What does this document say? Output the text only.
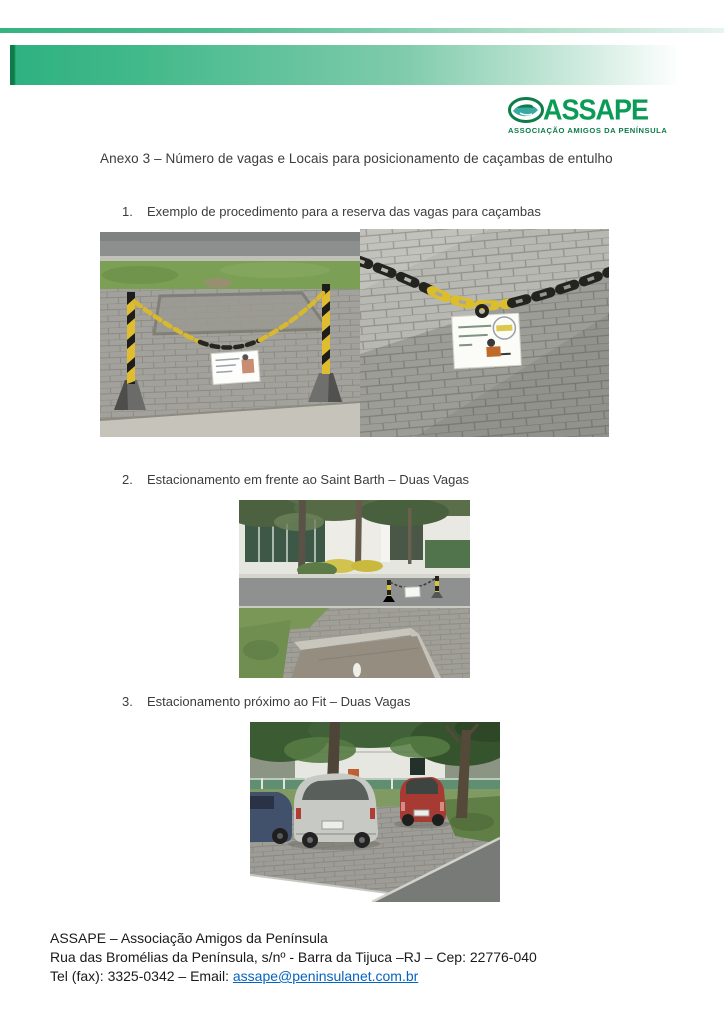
ASSAPE
ASSOCIAÇÃO AMIGOS DA PENÍNSULA
Anexo 3 – Número de vagas e Locais para posicionamento de caçambas de entulho
1.	Exemplo de procedimento para a reserva das vagas para caçambas
2.	Estacionamento em frente ao Saint Barth – Duas Vagas
3.	Estacionamento próximo ao Fit – Duas Vagas
ASSAPE – Associação Amigos da Península
Rua das Bromélias da Península, s/nº - Barra da Tijuca –RJ – Cep: 22776-040
Tel (fax): 3325-0342 – Email: assape@peninsulanet.com.br
